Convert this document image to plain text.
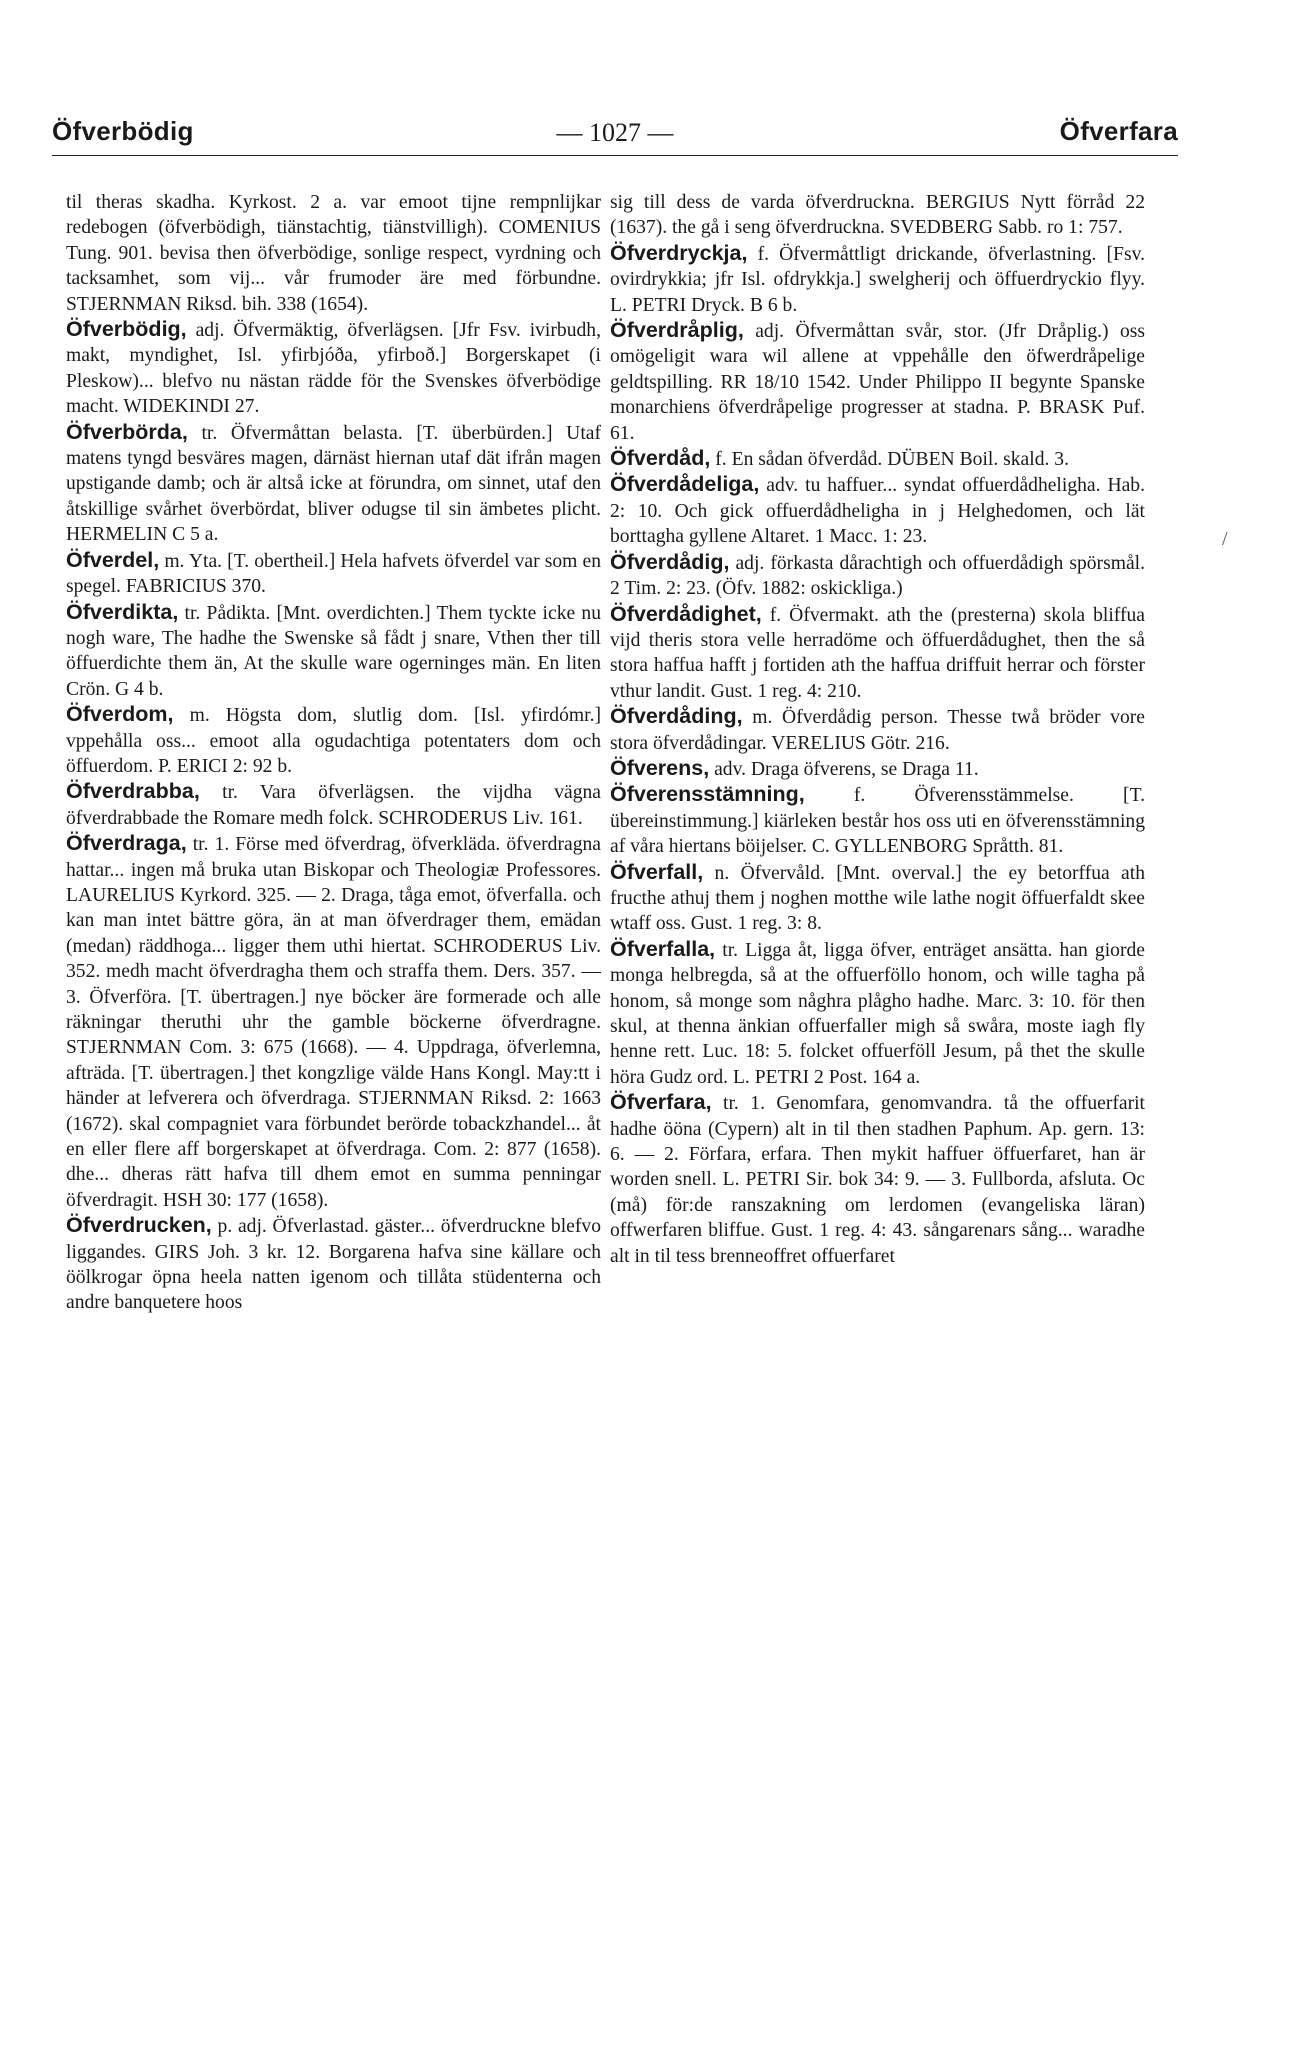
Öfverbödig	— 1027 —	Öfverfara

til theras skadha. Kyrkost. 2 a. var emoot tijne rempnlijkar redebogen (öfverbödigh, tiänstachtig, tiänstvilligh). COMENIUS Tung. 901. bevisa then öfverbödige, sonlige respect, vyrdning och tacksamhet, som vij... vår frumoder äre med förbundne. STJERNMAN Riksd. bih. 338 (1654).

Öfverbödig, adj. Öfvermäktig, öfverlägsen. [Jfr Fsv. ivirbudh, makt, myndighet, Isl. yfirbjóða, yfirboð.] Borgerskapet (i Pleskow)... blefvo nu nästan rädde för the Svenskes öfverbödige macht. WIDEKINDI 27.

Öfverbörda, tr. Öfvermåttan belasta. [T. überbürden.] Utaf matens tyngd besväres magen, därnäst hiernan utaf dät ifrån magen upstigande damb; och är altså icke at förundra, om sinnet, utaf den åtskillige svårhet överbördat, bliver odugse til sin ämbetes plicht. HERMELIN C 5 a.

Öfverdel, m. Yta. [T. obertheil.] Hela hafvets öfverdel var som en spegel. FABRICIUS 370.

Öfverdikta, tr. Pådikta. [Mnt. overdichten.] Them tyckte icke nu nogh ware, The hadhe the Swenske så fådt j snare, Vthen ther till öffuerdichte them än, At the skulle ware ogerninges män. En liten Crön. G 4 b.

Öfverdom, m. Högsta dom, slutlig dom. [Isl. yfirdómr.] vppehålla oss... emoot alla ogudachtiga potentaters dom och öffuerdom. P. ERICI 2: 92 b.

Öfverdrabba, tr. Vara öfverlägsen. the vijdha vägna öfverdrabbade the Romare medh folck. SCHRODERUS Liv. 161.

Öfverdraga, tr. 1. Förse med öfverdrag, öfverkläda. öfverdragna hattar... ingen må bruka utan Biskopar och Theologiæ Professores. LAURELIUS Kyrkord. 325. — 2. Draga, tåga emot, öfverfalla. och kan man intet bättre göra, än at man öfverdrager them, emädan (medan) räddhoga... ligger them uthi hiertat. SCHRODERUS Liv. 352. medh macht öfverdragha them och straffa them. Ders. 357. — 3. Öfverföra. [T. übertragen.] nye böcker äre formerade och alle räkningar theruthi uhr the gamble böckerne öfverdragne. STJERNMAN Com. 3: 675 (1668). — 4. Uppdraga, öfverlemna, afträda. [T. übertragen.] thet kongzlige välde Hans Kongl. May:tt i händer at lefverera och öfverdraga. STJERNMAN Riksd. 2: 1663 (1672). skal compagniet vara förbundet berörde tobackzhandel... åt en eller flere aff borgerskapet at öfverdraga. Com. 2: 877 (1658). dhe... dheras rätt hafva till dhem emot en summa penningar öfverdragit. HSH 30: 177 (1658).

Öfverdrucken, p. adj. Öfverlastad. gäster... öfverdruckne blefvo liggandes. GIRS Joh. 3 kr. 12. Borgarena hafva sine källare och öölkrogar öpna heela natten igenom och tillåta stüdenterna och andre banquetere hoos

sig till dess de varda öfverdruckna. BERGIUS Nytt förråd 22 (1637). the gå i seng öfverdruckna. SVEDBERG Sabb. ro 1: 757.

Öfverdryckja, f. Öfvermåttligt drickande, öfverlastning. [Fsv. ovirdrykkia; jfr Isl. ofdrykkja.] swelgherij och öffuerdryckio flyy. L. PETRI Dryck. B 6 b.

Öfverdråplig, adj. Öfvermåttan svår, stor. (Jfr Dråplig.) oss omögeligit wara wil allene at vppehålle den öfwerdråpelige geldtspilling. RR 18/10 1542. Under Philippo II begynte Spanske monarchiens öfverdråpelige progresser at stadna. P. BRASK Puf. 61.

Öfverdåd, f. En sådan öfverdåd. DÜBEN Boil. skald. 3.

Öfverdådeliga, adv. tu haffuer... syndat offuerdådheligha. Hab. 2: 10. Och gick offuerdådheligha in j Helghedomen, och lät borttagha gyllene Altaret. 1 Macc. 1: 23.

Öfverdådig, adj. förkasta dårachtigh och offuerdådigh spörsmål. 2 Tim. 2: 23. (Öfv. 1882: oskickliga.)

Öfverdådighet, f. Öfvermakt. ath the (presterna) skola bliffua vijd theris stora velle herradöme och öffuerdådughet, then the så stora haffua hafft j fortiden ath the haffua driffuit herrar och förster vthur landit. Gust. 1 reg. 4: 210.

Öfverdåding, m. Öfverdådig person. Thesse twå bröder vore stora öfverdådingar. VERELIUS Götr. 216.

Öfverens, adv. Draga öfverens, se Draga 11.

Öfverensstämning, f. Öfverensstämmelse. [T. übereinstimmung.] kiärleken består hos oss uti en öfverensstämning af våra hiertans böijelser. C. GYLLENBORG Språtth. 81.

Öfverfall, n. Öfvervåld. [Mnt. overval.] the ey betorffua ath fructhe athuj them j noghen motthe wile lathe nogit öffuerfaldt skee wtaff oss. Gust. 1 reg. 3: 8.

Öfverfalla, tr. Ligga åt, ligga öfver, enträget ansätta. han giorde monga helbregda, så at the offuerföllo honom, och wille tagha på honom, så monge som någhra plågho hadhe. Marc. 3: 10. för then skul, at thenna änkian offuerfaller migh så swåra, moste iagh fly henne rett. Luc. 18: 5. folcket offuerföll Jesum, på thet the skulle höra Gudz ord. L. PETRI 2 Post. 164 a.

Öfverfara, tr. 1. Genomfara, genomvandra. tå the offuerfarit hadhe ööna (Cypern) alt in til then stadhen Paphum. Ap. gern. 13: 6. — 2. Förfara, erfara. Then mykit haffuer öffuerfaret, han är worden snell. L. PETRI Sir. bok 34: 9. — 3. Fullborda, afsluta. Oc (må) för:de ranszakning om lerdomen (evangeliska läran) offwerfaren bliffue. Gust. 1 reg. 4: 43. sångarenars sång... waradhe alt in til tess brenneoffret offuerfaret

/
